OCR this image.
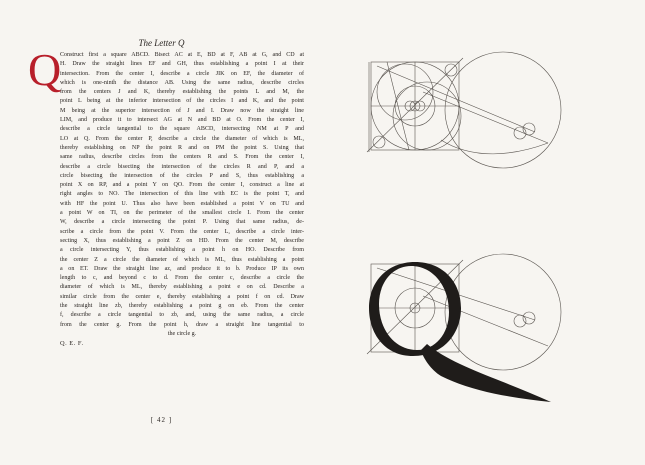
The Letter Q
Q
Construct first a square ABCD. Bisect AC at E, BD at F, AB at G, and CD at
H. Draw the straight lines EF and GH, thus establishing a point I at their
intersection. From the center I, describe a circle JIK on EF, the diameter of
which is one-ninth the distance AB. Using the same radius, describe circles
from the centers J and K, thereby establishing the points L and M, the
point L being at the inferior intersection of the circles I and K, and the point
M being at the superior intersection of J and I. Draw now the straight line
LIM, and produce it to intersect AG at N and BD at O. From the center I,
describe a circle tangential to the square ABCD, intersecting NM at P and
LO at Q. From the center P, describe a circle the diameter of which is ML,
thereby establishing on NP the point R and on PM the point S. Using that
same radius, describe circles from the centers R and S. From the center I,
describe a circle bisecting the intersection of the circles R and P, and a
circle bisecting the intersection of the circles P and S, thus establishing a
point X on RP, and a point Y on QO. From the center I, construct a line at
right angles to NO. The intersection of this line with EC is the point T, and
with HF the point U. Thus also have been established a point V on TU and
a point W on TI, on the perimeter of the smallest circle I. From the center
W, describe a circle intersecting the point P. Using that same radius, de-
scribe a circle from the point V. From the center L, describe a circle inter-
secting X, thus establishing a point Z on HD. From the center M, describe
a circle intersecting Y, thus establishing a point h on HO. Describe from
the center Z a circle the diameter of which is ML, thus establishing a point
a on ET. Draw the straight line az, and produce it to b. Produce IP its own
length to c, and beyond c to d. From the center c, describe a circle the
diameter of which is ML, thereby establishing a point e on cd. Describe a
similar circle from the center e, thereby establishing a point f on cd. Draw
the straight line zb, thereby establishing a point g on eb. From the center
f, describe a circle tangential to zb, and, using the same radius, a circle
from the center g. From the point h, draw a straight line tangential to
the circle g.
Q. E. F.
[ 42 ]
